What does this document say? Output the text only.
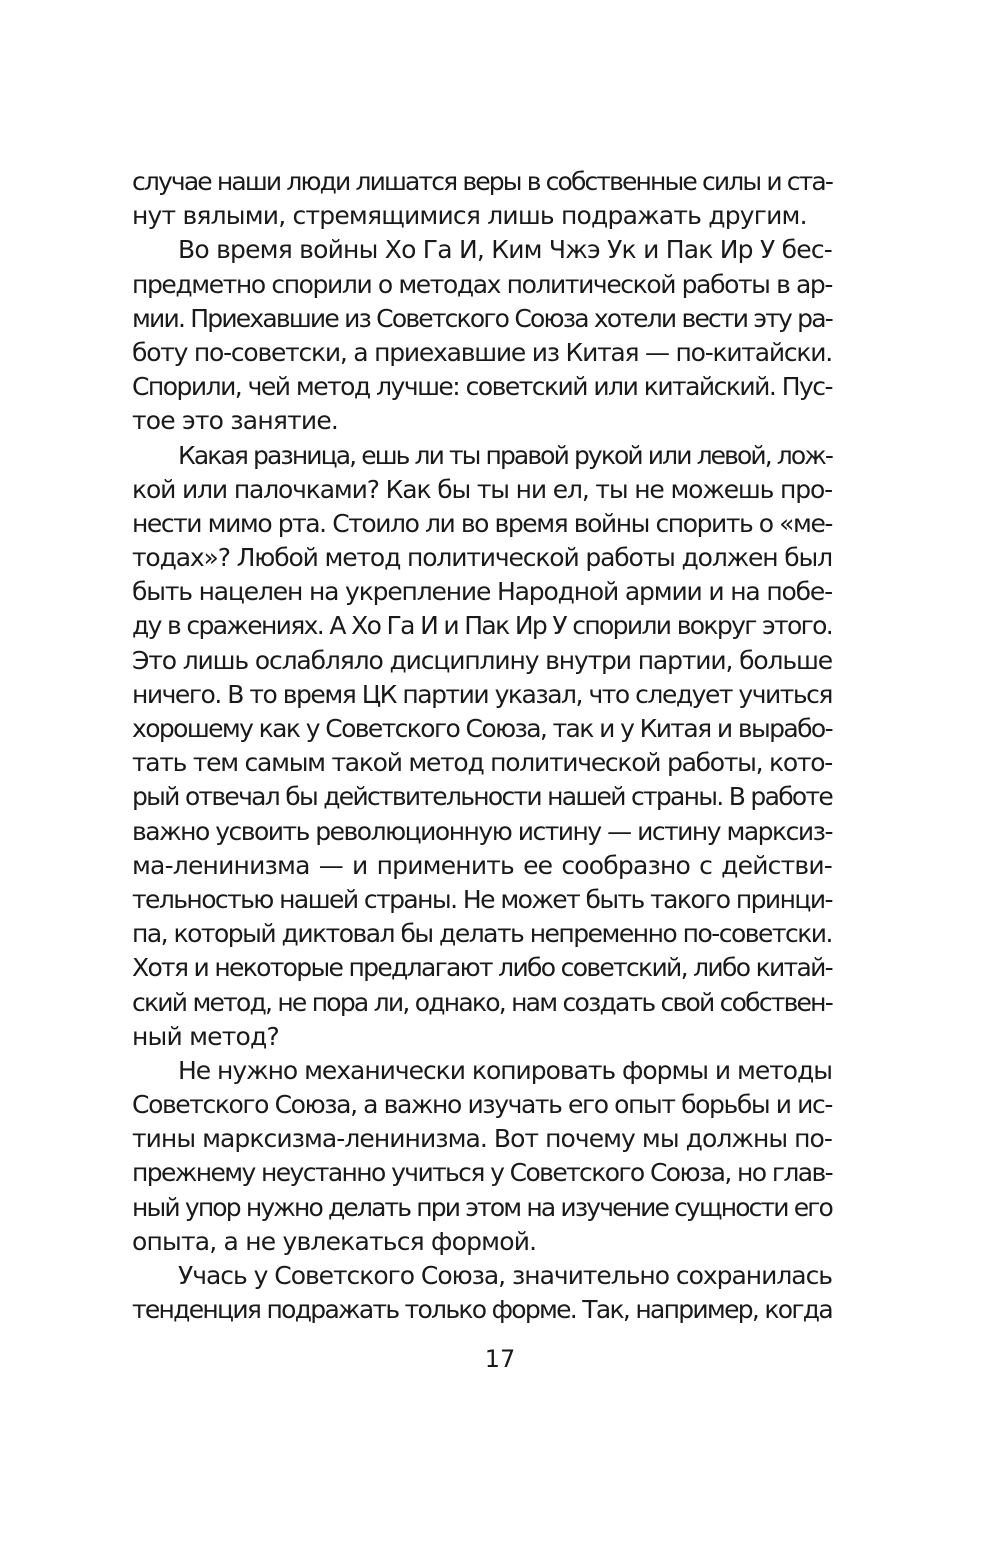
случае наши люди лишатся веры в собственные силы и ста-
нут вялыми, стремящимися лишь подражать другим.
Во время войны Хо Га И, Ким Чжэ Ук и Пак Ир У бес-
предметно спорили о методах политической работы в ар-
мии. Приехавшие из Советского Союза хотели вести эту ра-
боту по-советски, а приехавшие из Китая — по-китайски.
Спорили, чей метод лучше: советский или китайский. Пус-
тое это занятие.
Какая разница, ешь ли ты правой рукой или левой, лож-
кой или палочками? Как бы ты ни ел, ты не можешь про-
нести мимо рта. Стоило ли во время войны спорить о «ме-
тодах»? Любой метод политической работы должен был
быть нацелен на укрепление Народной армии и на побе-
ду в сражениях. А Хо Га И и Пак Ир У спорили вокруг этого.
Это лишь ослабляло дисциплину внутри партии, больше
ничего. В то время ЦК партии указал, что следует учиться
хорошему как у Советского Союза, так и у Китая и вырабо-
тать тем самым такой метод политической работы, кото-
рый отвечал бы действительности нашей страны. В работе
важно усвоить революционную истину — истину марксиз-
ма-ленинизма — и применить ее сообразно с действи-
тельностью нашей страны. Не может быть такого принци-
па, который диктовал бы делать непременно по-советски.
Хотя и некоторые предлагают либо советский, либо китай-
ский метод, не пора ли, однако, нам создать свой собствен-
ный метод?
Не нужно механически копировать формы и методы
Советского Союза, а важно изучать его опыт борьбы и ис-
тины марксизма-ленинизма. Вот почему мы должны по-
прежнему неустанно учиться у Советского Союза, но глав-
ный упор нужно делать при этом на изучение сущности его
опыта, а не увлекаться формой.
Учась у Советского Союза, значительно сохранилась
тенденция подражать только форме. Так, например, когда
17
